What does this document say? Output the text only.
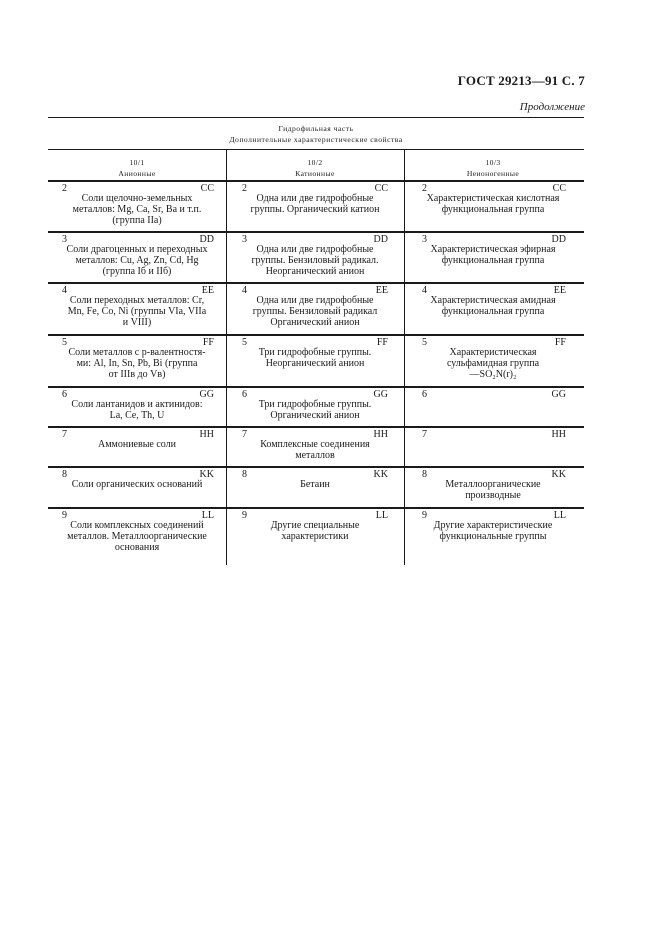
ГОСТ 29213—91 С. 7
Продолжение
Гидрофильная часть
Дополнительные характеристические свойства
10/1
Анионные
10/2
Катионные
10/3
Неионогенные
2	CC
Соли щелочно-земельных
металлов: Mg, Ca, Sr, Ba и т.п.
(группа IIa)
2	CC
Одна или две гидрофобные
группы. Органический катион
2	CC
Характеристическая кислотная
функциональная группа
3	DD
Соли драгоценных и переходных
металлов: Cu, Ag, Zn, Cd, Hg
(группа Iб и IIб)
3	DD
Одна или две гидрофобные
группы. Бензиловый радикал.
Неорганический анион
3	DD
Характеристическая эфирная
функциональная группа
4	EE
Соли переходных металлов: Cr,
Mn, Fe, Co, Ni (группы VIa, VIIa
и VIII)
4	EE
Одна или две гидрофобные
группы. Бензиловый радикал
Органический анион
4	EE
Характеристическая амидная
функциональная группа
5	FF
Соли металлов с p-валентностя-
ми: Al, In, Sn, Pb, Bi (группа
от IIIв до Vв)
5	FF
Три гидрофобные группы.
Неорганический анион
5	FF
Характеристическая
сульфамидная группа
—SO₂N(r)₂
6	GG
Соли лантанидов и актинидов:
La, Ce, Th, U
6	GG
Три гидрофобные группы.
Органический анион
6	GG
7	HH
Аммониевые соли
7	HH
Комплексные соединения
металлов
7	HH
8	KK
Соли органических оснований
8	KK
Бетаин
8	KK
Металлоорганические
производные
9	LL
Соли комплексных соединений
металлов. Металлоорганические
основания
9	LL
Другие специальные
характеристики
9	LL
Другие характеристические
функциональные группы
